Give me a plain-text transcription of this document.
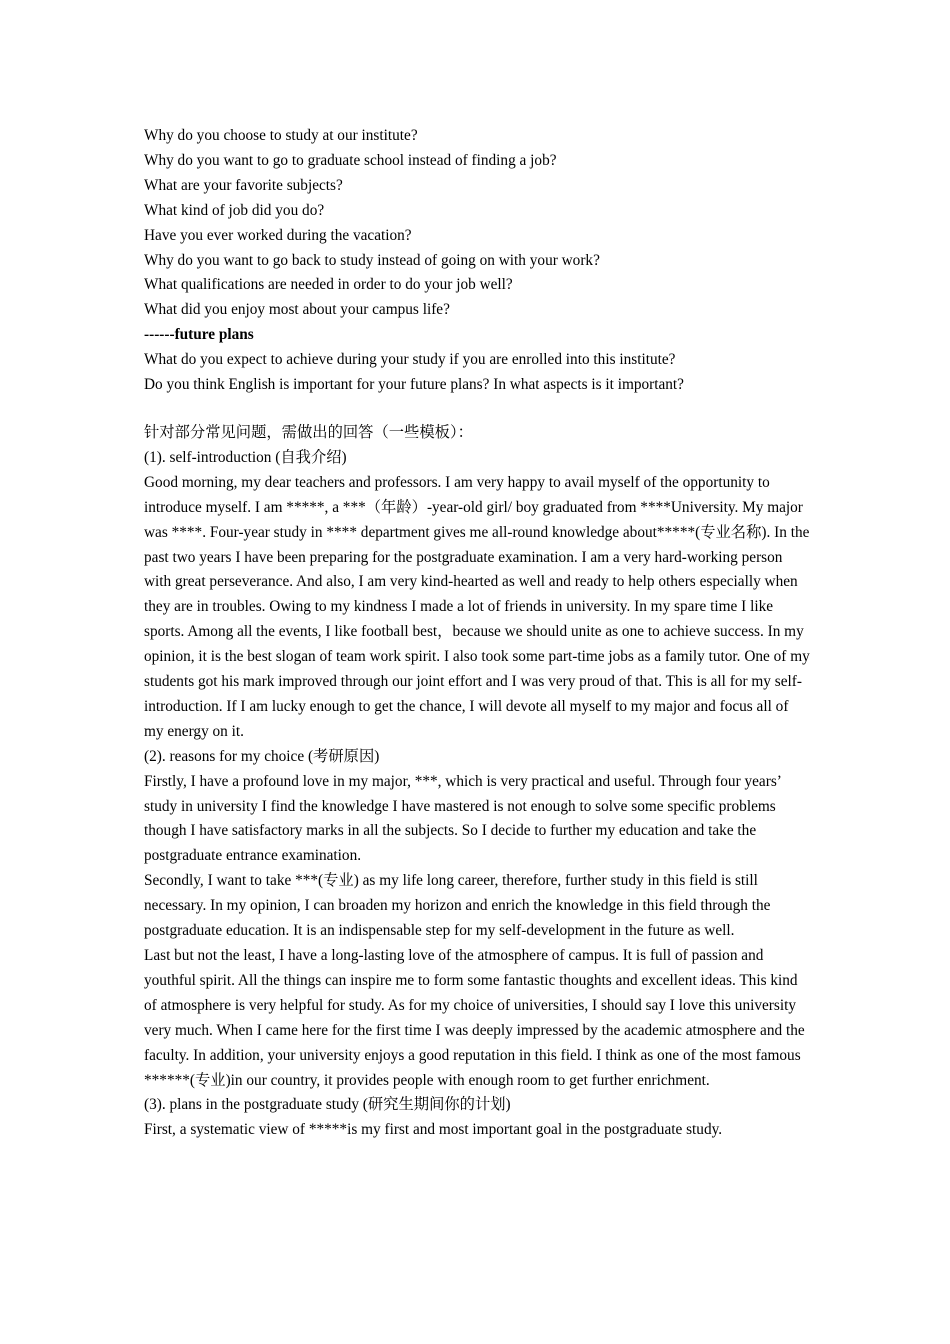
Why do you choose to study at our institute?
Why do you want to go to graduate school instead of finding a job?
What are your favorite subjects?
What kind of job did you do?
Have you ever worked during the vacation?
Why do you want to go back to study instead of going on with your work?
What qualifications are needed in order to do your job well?
What did you enjoy most about your campus life?
------future plans
What do you expect to achieve during your study if you are enrolled into this institute?
Do you think English is important for your future plans? In what aspects is it important?
针对部分常见问题，需做出的回答（一些模板）：
(1). self-introduction (自我介绍)
Good morning, my dear teachers and professors. I am very happy to avail myself of the opportunity to introduce myself. I am *****, a ***（年龄）-year-old girl/ boy graduated from ****University. My major was ****. Four-year study in **** department gives me all-round knowledge about*****(专业名称). In the past two years I have been preparing for the postgraduate examination. I am a very hard-working person with great perseverance. And also, I am very kind-hearted as well and ready to help others especially when they are in troubles. Owing to my kindness I made a lot of friends in university. In my spare time I like sports. Among all the events, I like football best，because we should unite as one to achieve success. In my opinion, it is the best slogan of team work spirit. I also took some part-time jobs as a family tutor. One of my students got his mark improved through our joint effort and I was very proud of that. This is all for my self-introduction. If I am lucky enough to get the chance, I will devote all myself to my major and focus all of my energy on it.
(2). reasons for my choice (考研原因)
Firstly, I have a profound love in my major, ***, which is very practical and useful. Through four years’ study in university I find the knowledge I have mastered is not enough to solve some specific problems though I have satisfactory marks in all the subjects. So I decide to further my education and take the postgraduate entrance examination.
Secondly, I want to take ***(专业) as my life long career, therefore, further study in this field is still necessary. In my opinion, I can broaden my horizon and enrich the knowledge in this field through the postgraduate education. It is an indispensable step for my self-development in the future as well.
Last but not the least, I have a long-lasting love of the atmosphere of campus. It is full of passion and youthful spirit. All the things can inspire me to form some fantastic thoughts and excellent ideas. This kind of atmosphere is very helpful for study. As for my choice of universities, I should say I love this university very much. When I came here for the first time I was deeply impressed by the academic atmosphere and the faculty. In addition, your university enjoys a good reputation in this field. I think as one of the most famous ******(专业)in our country, it provides people with enough room to get further enrichment.
(3). plans in the postgraduate study (研究生期间你的计划)
First, a systematic view of *****is my first and most important goal in the postgraduate study.
